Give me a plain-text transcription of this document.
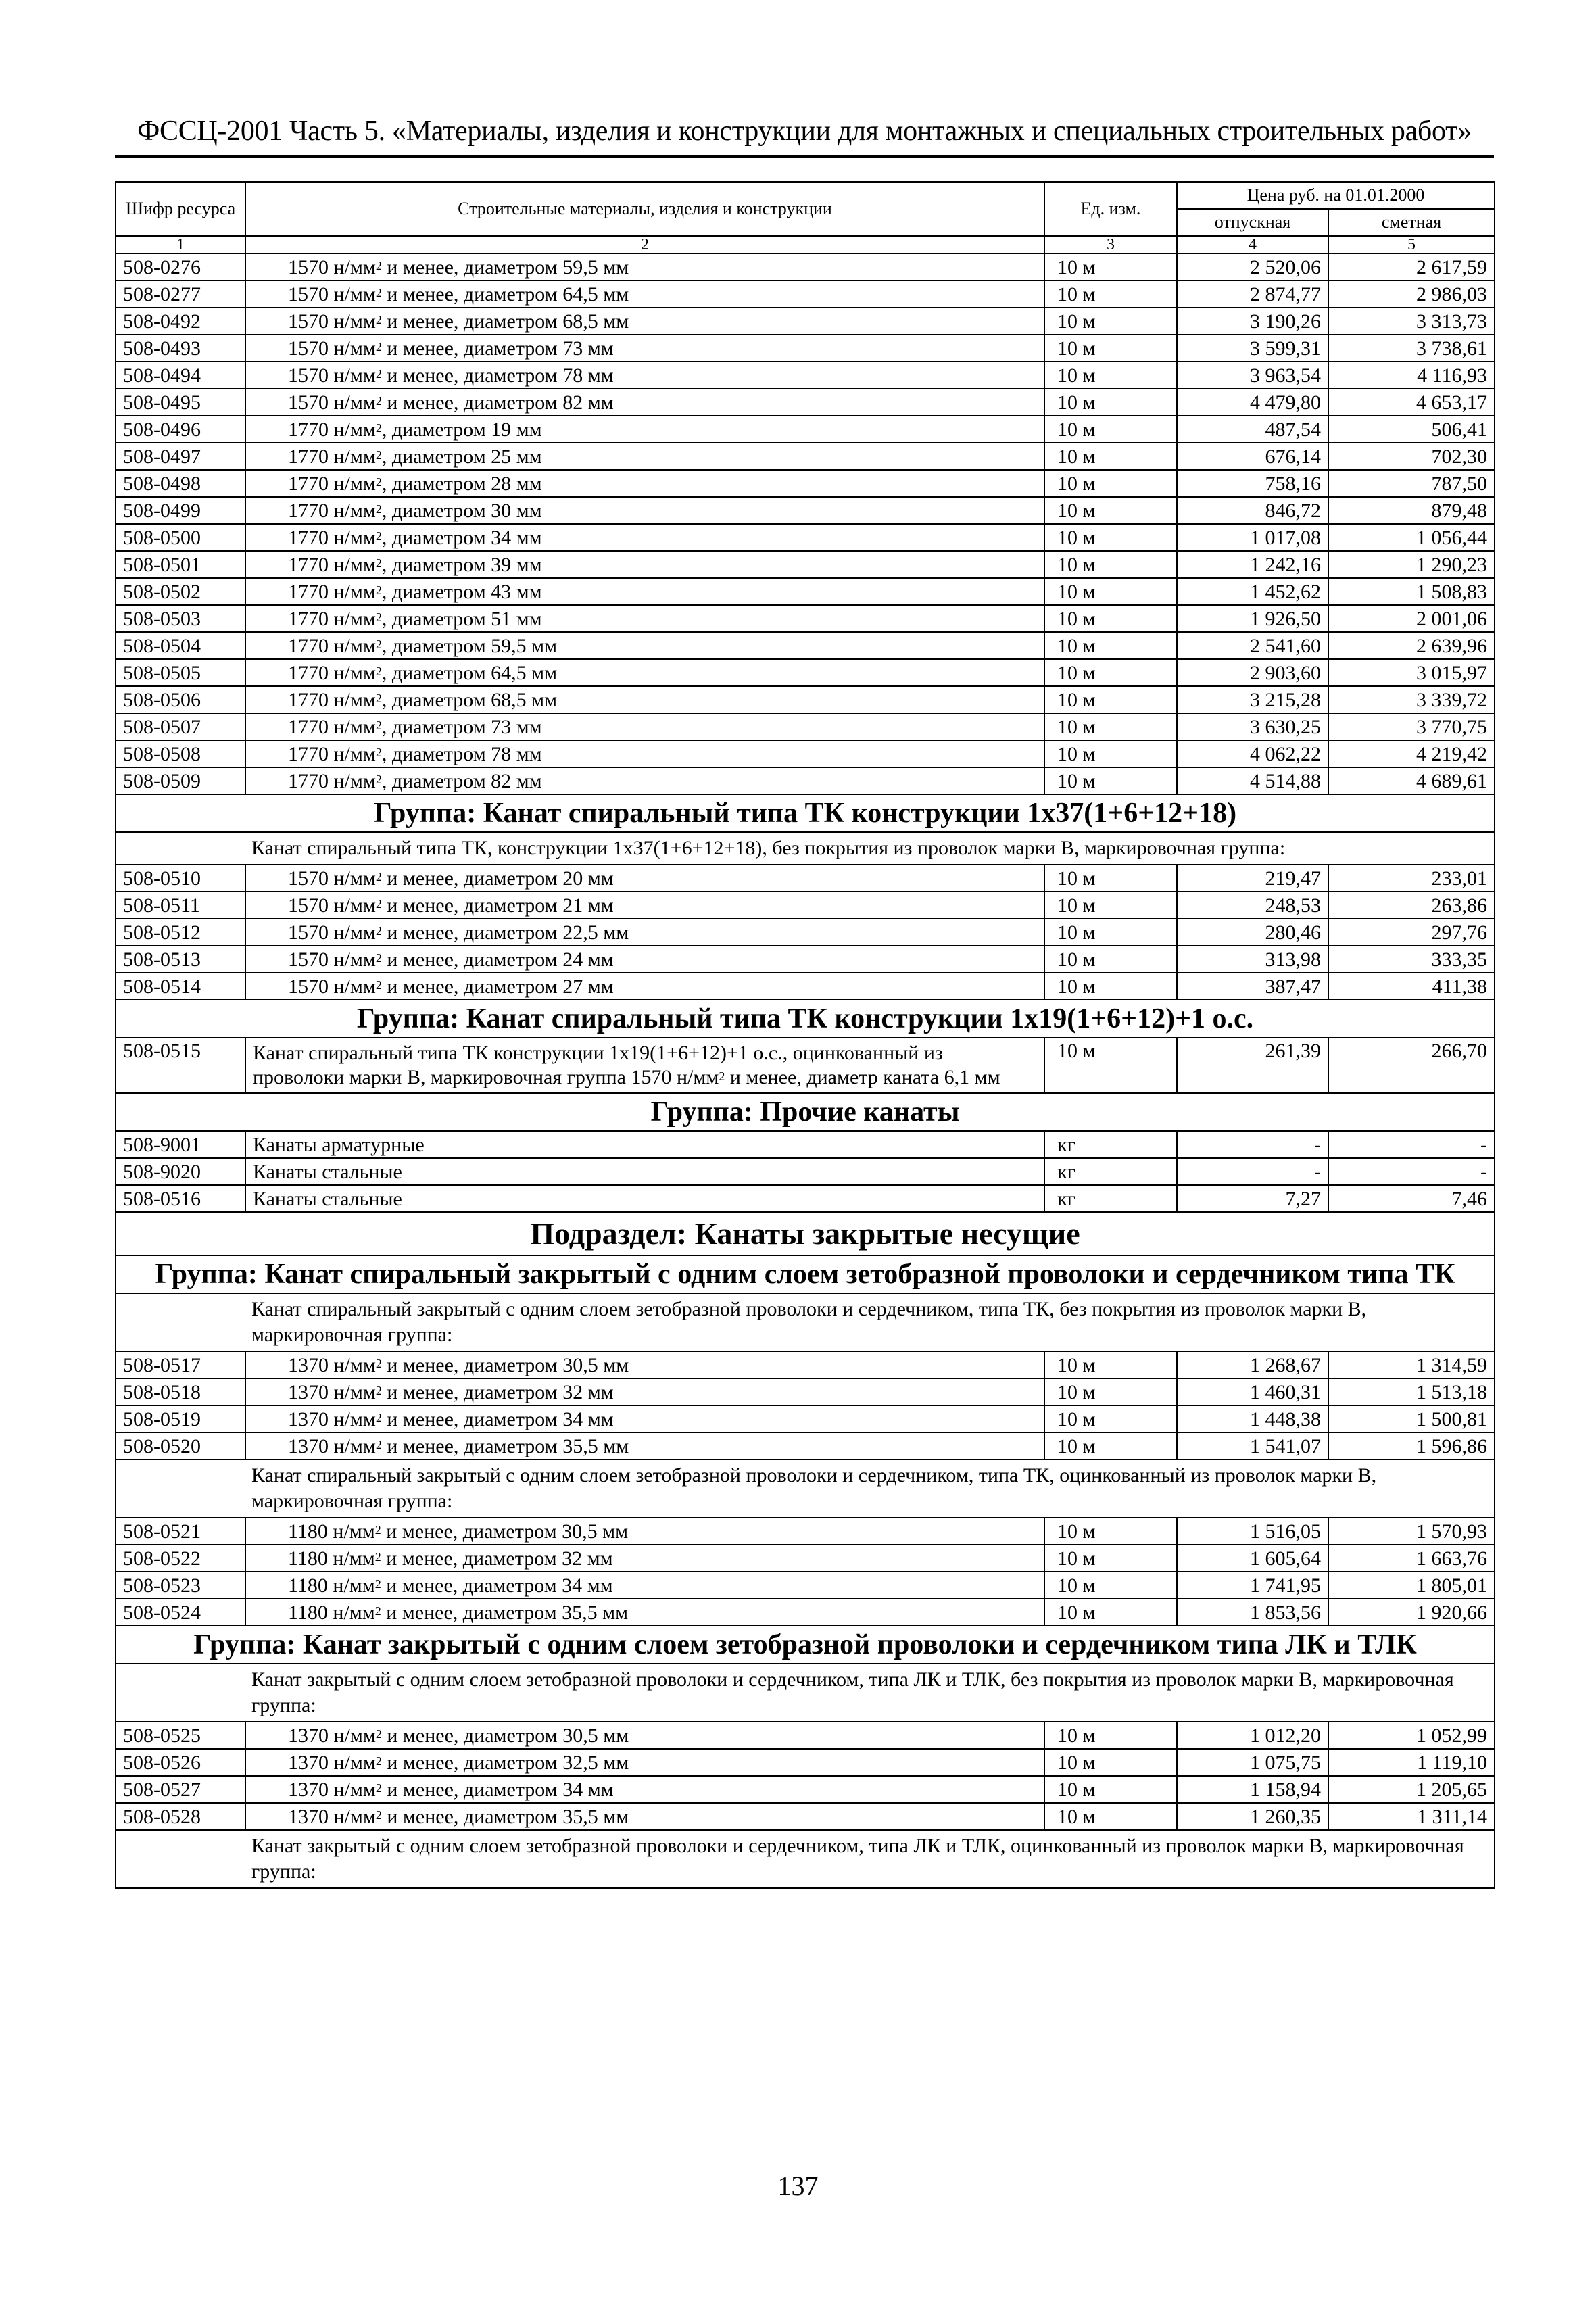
ФССЦ-2001 Часть 5. «Материалы, изделия и конструкции для монтажных и специальных строительных работ»
Шифр ресурса	Строительные материалы, изделия и конструкции	Ед. изм.	Цена руб. на 01.01.2000	
			отпускная	сметная
1	2	3	4	5
508-0276	1570 $н/мм^2$ и менее, диаметром 59,5 мм	10 м	2 520,06	2 617,59
508-0277	1570 $н/мм^2$ и менее, диаметром 64,5 мм	10 м	2 874,77	2 986,03
508-0492	1570 $н/мм^2$ и менее, диаметром 68,5 мм	10 м	3 190,26	3 313,73
508-0493	1570 $н/мм^2$ и менее, диаметром 73 мм	10 м	3 599,31	3 738,61
508-0494	1570 $н/мм^2$ и менее, диаметром 78 мм	10 м	3 963,54	4 116,93
508-0495	1570 $н/мм^2$ и менее, диаметром 82 мм	10 м	4 479,80	4 653,17
508-0496	1770 $н/мм^2$, диаметром 19 мм	10 м	487,54	506,41
508-0497	1770 $н/мм^2$, диаметром 25 мм	10 м	676,14	702,30
508-0498	1770 $н/мм^2$, диаметром 28 мм	10 м	758,16	787,50
508-0499	1770 $н/мм^2$, диаметром 30 мм	10 м	846,72	879,48
508-0500	1770 $н/мм^2$, диаметром 34 мм	10 м	1 017,08	1 056,44
508-0501	1770 $н/мм^2$, диаметром 39 мм	10 м	1 242,16	1 290,23
508-0502	1770 $н/мм^2$, диаметром 43 мм	10 м	1 452,62	1 508,83
508-0503	1770 $н/мм^2$, диаметром 51 мм	10 м	1 926,50	2 001,06
508-0504	1770 $н/мм^2$, диаметром 59,5 мм	10 м	2 541,60	2 639,96
508-0505	1770 $н/мм^2$, диаметром 64,5 мм	10 м	2 903,60	3 015,97
508-0506	1770 $н/мм^2$, диаметром 68,5 мм	10 м	3 215,28	3 339,72
508-0507	1770 $н/мм^2$, диаметром 73 мм	10 м	3 630,25	3 770,75
508-0508	1770 $н/мм^2$, диаметром 78 мм	10 м	4 062,22	4 219,42
508-0509	1770 $н/мм^2$, диаметром 82 мм	10 м	4 514,88	4 689,61
Группа: Канат спиральный типа ТК конструкции 1х37(1+6+12+18)				
Канат спиральный типа ТК, конструкции 1х37(1+6+12+18), без покрытия из проволок марки В, маркировочная группа:				
508-0510	1570 $н/мм^2$ и менее, диаметром 20 мм	10 м	219,47	233,01
508-0511	1570 $н/мм^2$ и менее, диаметром 21 мм	10 м	248,53	263,86
508-0512	1570 $н/мм^2$ и менее, диаметром 22,5 мм	10 м	280,46	297,76
508-0513	1570 $н/мм^2$ и менее, диаметром 24 мм	10 м	313,98	333,35
508-0514	1570 $н/мм^2$ и менее, диаметром 27 мм	10 м	387,47	411,38
Группа: Канат спиральный типа ТК конструкции 1х19(1+6+12)+1 о.с.				
508-0515	Канат спиральный типа ТК конструкции 1х19(1+6+12)+1 о.с., оцинкованный из проволоки марки В, маркировочная группа 1570 $н/мм^2$ и менее, диаметр каната 6,1 мм	10 м	261,39	266,70
Группа: Прочие канаты				
508-9001	Канаты арматурные	кг	-	-
508-9020	Канаты стальные	кг	-	-
508-0516	Канаты стальные	кг	7,27	7,46
Подраздел: Канаты закрытые несущие				
Группа: Канат спиральный закрытый с одним слоем зетобразной проволоки и сердечником типа ТК				
Канат спиральный закрытый с одним слоем зетобразной проволоки и сердечником, типа ТК, без покрытия из проволок марки В, маркировочная группа:				
508-0517	1370 $н/мм^2$ и менее, диаметром 30,5 мм	10 м	1 268,67	1 314,59
508-0518	1370 $н/мм^2$ и менее, диаметром 32 мм	10 м	1 460,31	1 513,18
508-0519	1370 $н/мм^2$ и менее, диаметром 34 мм	10 м	1 448,38	1 500,81
508-0520	1370 $н/мм^2$ и менее, диаметром 35,5 мм	10 м	1 541,07	1 596,86
Канат спиральный закрытый с одним слоем зетобразной проволоки и сердечником, типа ТК, оцинкованный из проволок марки В, маркировочная группа:				
508-0521	1180 $н/мм^2$ и менее, диаметром 30,5 мм	10 м	1 516,05	1 570,93
508-0522	1180 $н/мм^2$ и менее, диаметром 32 мм	10 м	1 605,64	1 663,76
508-0523	1180 $н/мм^2$ и менее, диаметром 34 мм	10 м	1 741,95	1 805,01
508-0524	1180 $н/мм^2$ и менее, диаметром 35,5 мм	10 м	1 853,56	1 920,66
Группа: Канат закрытый с одним слоем зетобразной проволоки и сердечником типа ЛК и ТЛК				
Канат закрытый с одним слоем зетобразной проволоки и сердечником, типа ЛК и ТЛК, без покрытия из проволок марки В, маркировочная группа:				
508-0525	1370 $н/мм^2$ и менее, диаметром 30,5 мм	10 м	1 012,20	1 052,99
508-0526	1370 $н/мм^2$ и менее, диаметром 32,5 мм	10 м	1 075,75	1 119,10
508-0527	1370 $н/мм^2$ и менее, диаметром 34 мм	10 м	1 158,94	1 205,65
508-0528	1370 $н/мм^2$ и менее, диаметром 35,5 мм	10 м	1 260,35	1 311,14
Канат закрытый с одним слоем зетобразной проволоки и сердечником, типа ЛК и ТЛК, оцинкованный из проволок марки В, маркировочная группа:				
137
